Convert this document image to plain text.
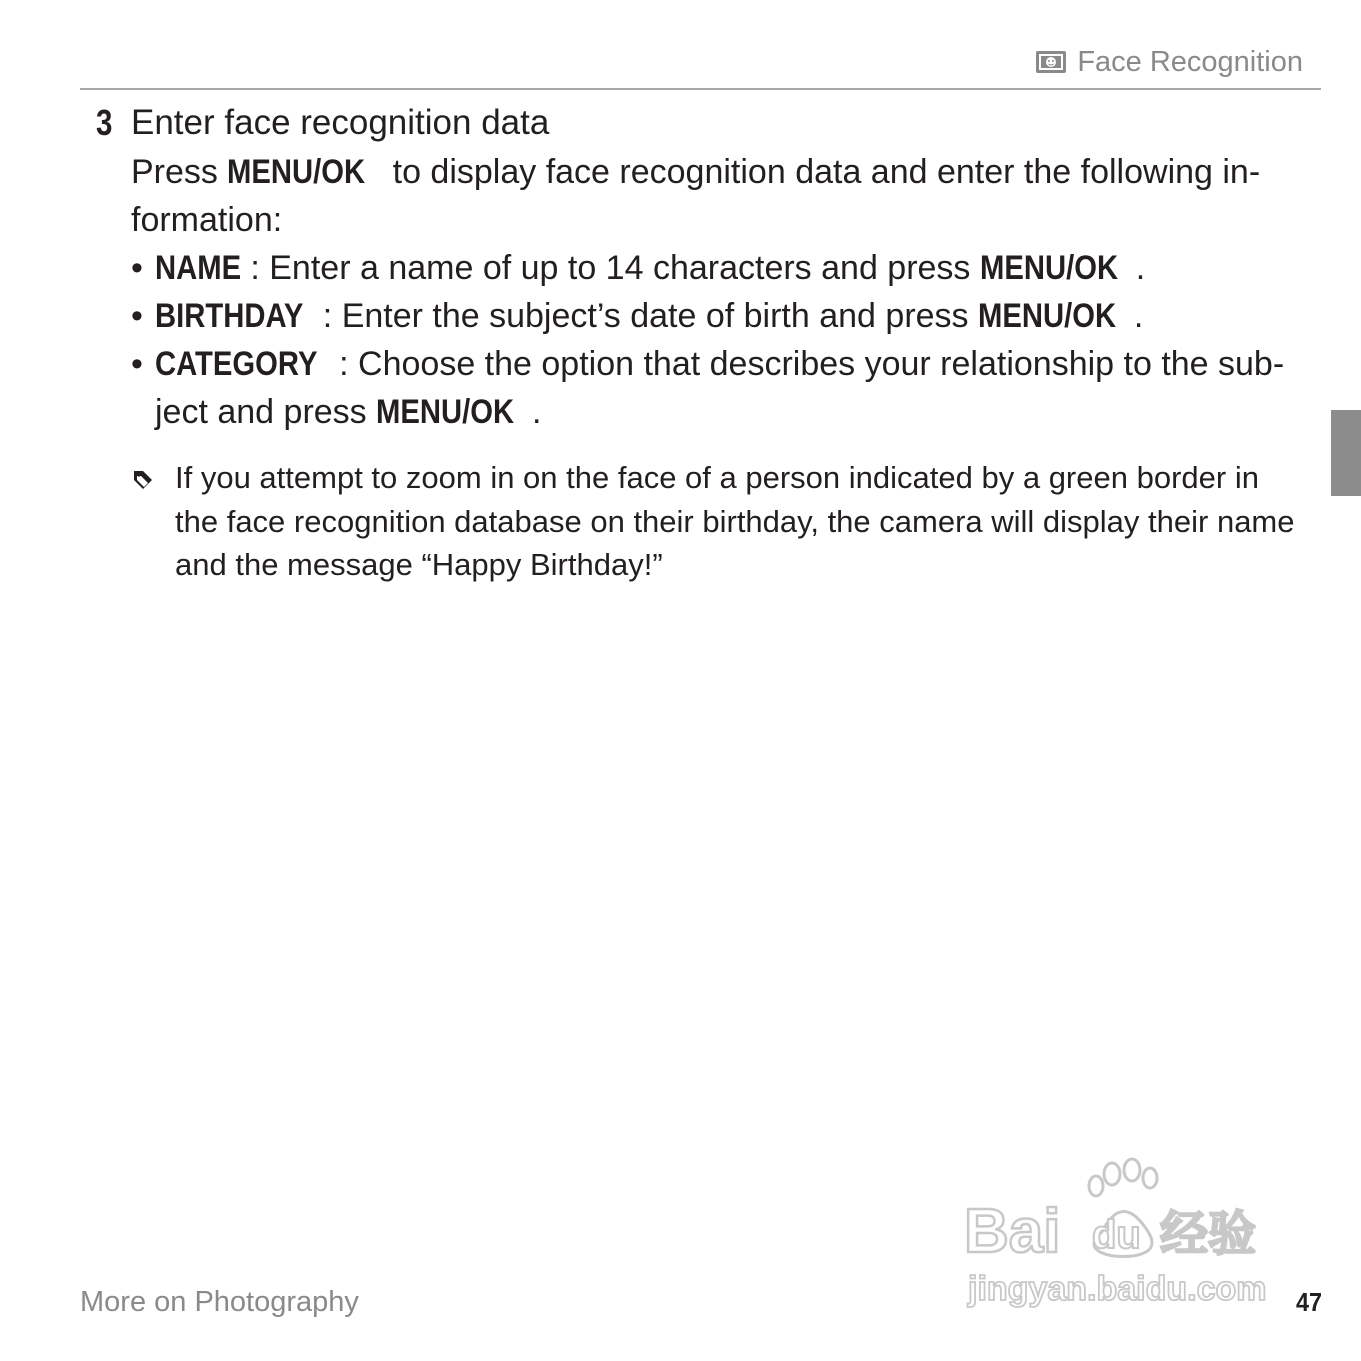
Face Recognition
3 Enter face recognition data

Press MENU/OK to display face recognition data and enter the following in-formation:

• NAME : Enter a name of up to 14 characters and press MENU/OK .
• BIRTHDAY : Enter the subject’s date of birth and press MENU/OK .
• CATEGORY : Choose the option that describes your relationship to the sub-ject and press MENU/OK .

If you attempt to zoom in on the face of a person indicated by a green border in the face recognition database on their birthday, the camera will display their name and the message “Happy Birthday!”

Bai du 经验
jingyan.baidu.com
More on Photography	47
